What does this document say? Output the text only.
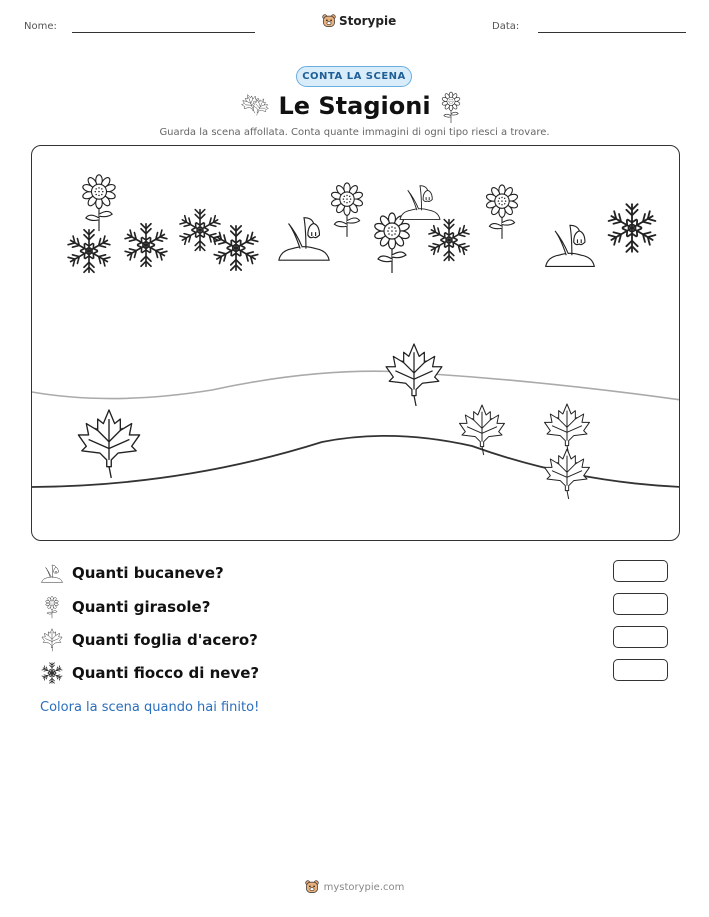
Nome:	Storypie	Data:
CONTA LA SCENA
Le Stagioni
Guarda la scena affollata. Conta quante immagini di ogni tipo riesci a trovare.
Quanti bucaneve?
Quanti girasole?
Quanti foglia d'acero?
Quanti fiocco di neve?
Colora la scena quando hai finito!
mystorypie.com
